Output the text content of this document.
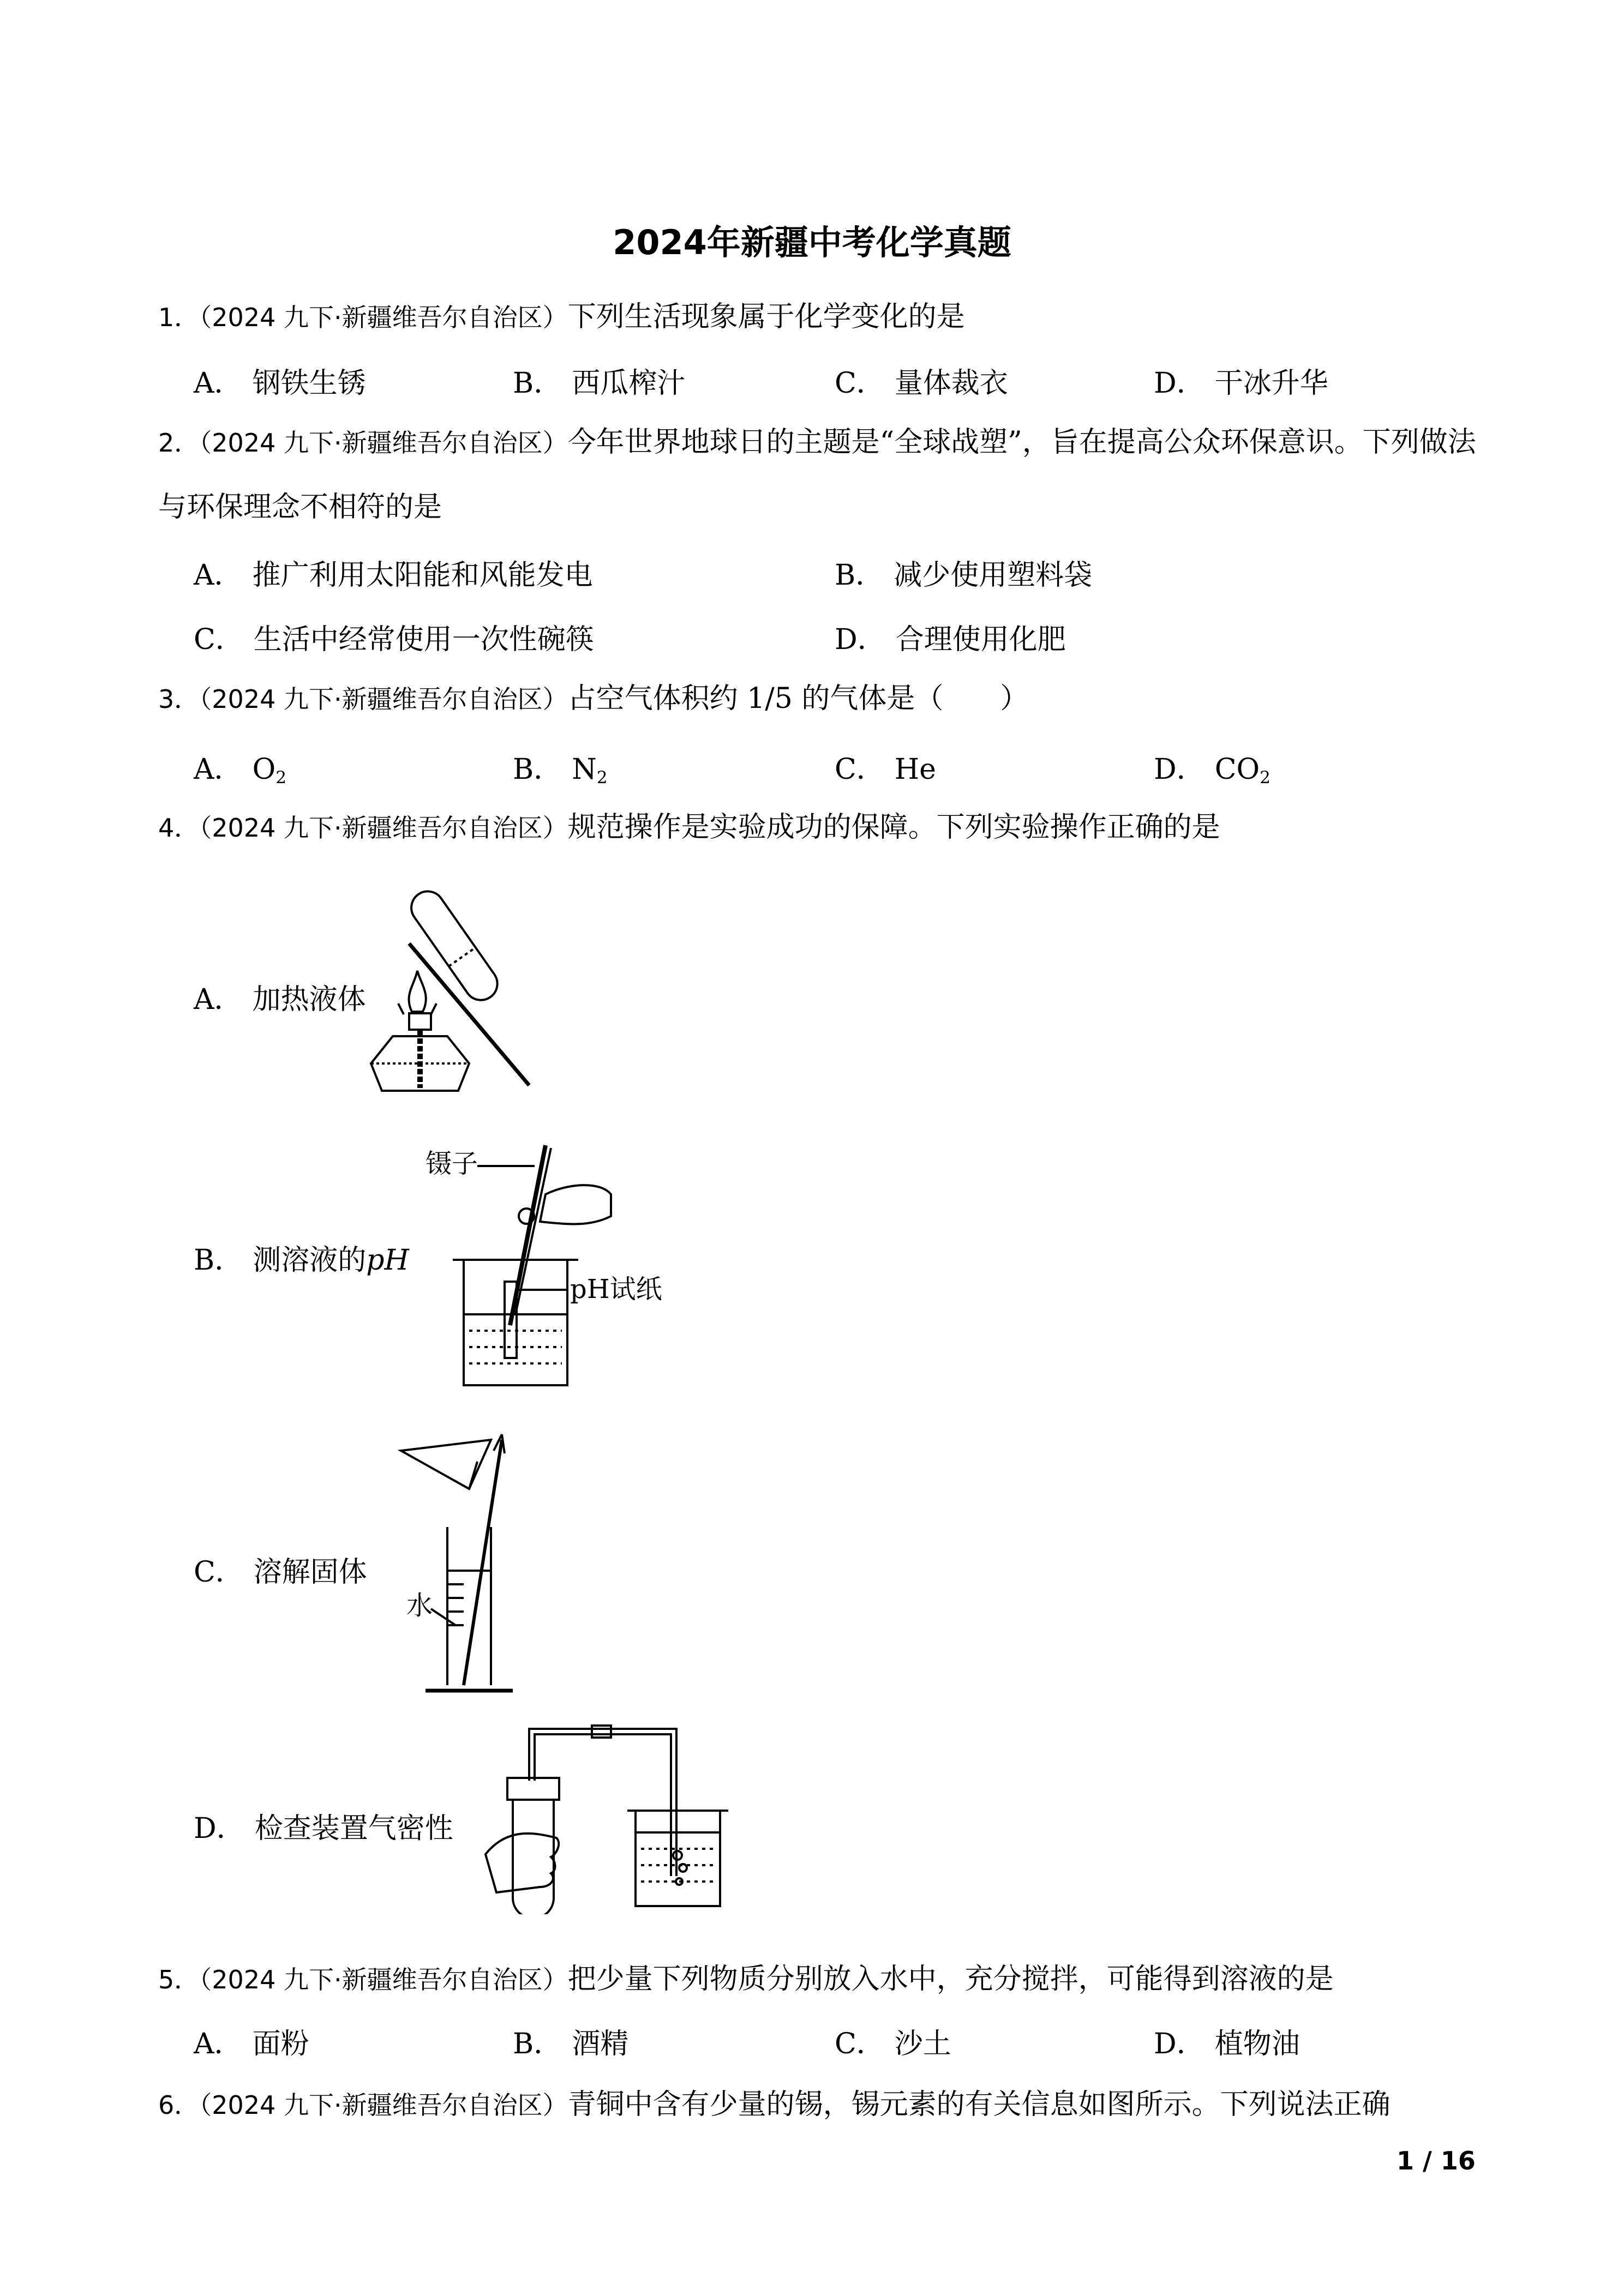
2024年新疆中考化学真题
1．（2024 九下·新疆维吾尔自治区）下列生活现象属于化学变化的是
A． 钢铁生锈	B． 西瓜榨汁	C． 量体裁衣	D． 干冰升华
2．（2024 九下·新疆维吾尔自治区）今年世界地球日的主题是“全球战塑”，旨在提高公众环保意识。下列做法与环保理念不相符的是
A． 推广利用太阳能和风能发电	B． 减少使用塑料袋
C． 生活中经常使用一次性碗筷	D． 合理使用化肥
3．（2024 九下·新疆维吾尔自治区）占空气体积约 1/5 的气体是（　　）
A． $O_2$	B． $N_2$	C． He	D． $CO_2$
4．（2024 九下·新疆维吾尔自治区）规范操作是实验成功的保障。下列实验操作正确的是
A． 加热液体
B． 测溶液的pH
镊子
pH试纸
C． 溶解固体
水
D． 检查装置气密性
5．（2024 九下·新疆维吾尔自治区）把少量下列物质分别放入水中，充分搅拌，可能得到溶液的是
A． 面粉	B． 酒精	C． 沙土	D． 植物油
6．（2024 九下·新疆维吾尔自治区）青铜中含有少量的锡，锡元素的有关信息如图所示。下列说法正确
1 / 16
